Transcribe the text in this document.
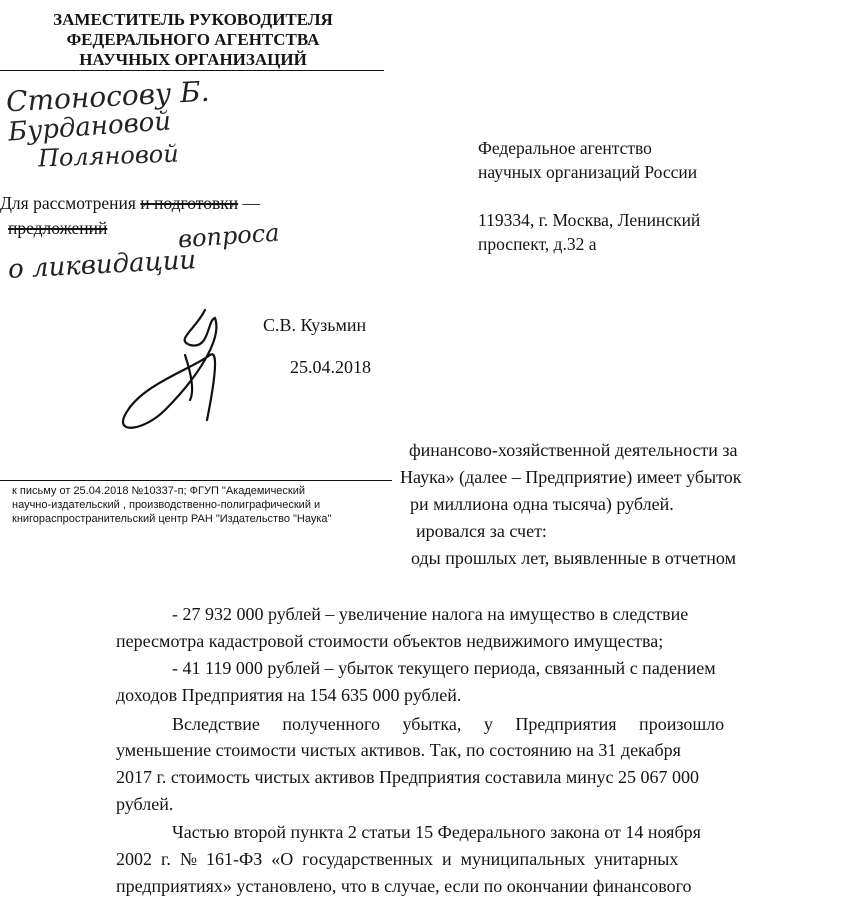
ЗАМЕСТИТЕЛЬ РУКОВОДИТЕЛЯ
ФЕДЕРАЛЬНОГО АГЕНТСТВА
НАУЧНЫХ ОРГАНИЗАЦИЙ
Стоносову Б.
Бурдановой
Поляновой
Для рассмотрения и подготовки —
предложений	вопроса
о ликвидации
С.В. Кузьмин
25.04.2018
Федеральное агентство
научных организаций России
119334, г. Москва, Ленинский
проспект, д.32 а
финансово-хозяйственной деятельности за
Наука» (далее – Предприятие) имеет убыток
ри миллиона одна тысяча) рублей.
ировался за счет:
оды прошлых лет, выявленные в отчетном
к письму от 25.04.2018 №10337-п; ФГУП "Академический
научно-издательский , производственно-полиграфический и
книгораспространительский центр РАН "Издательство "Наука"
- 27 932 000 рублей – увеличение налога на имущество в следствие
пересмотра кадастровой стоимости объектов недвижимого имущества;
- 41 119 000 рублей – убыток текущего периода, связанный с падением
доходов Предприятия на 154 635 000 рублей.
Вследствие     полученного     убытка,     у     Предприятия     произошло
уменьшение стоимости чистых активов. Так, по состоянию на 31 декабря
2017 г. стоимость чистых активов Предприятия составила минус 25 067 000
рублей.
Частью второй пункта 2 статьи 15 Федерального закона от 14 ноября
2002  г.  №  161-ФЗ  «О  государственных  и  муниципальных  унитарных
предприятиях» установлено, что в случае, если по окончании финансового
